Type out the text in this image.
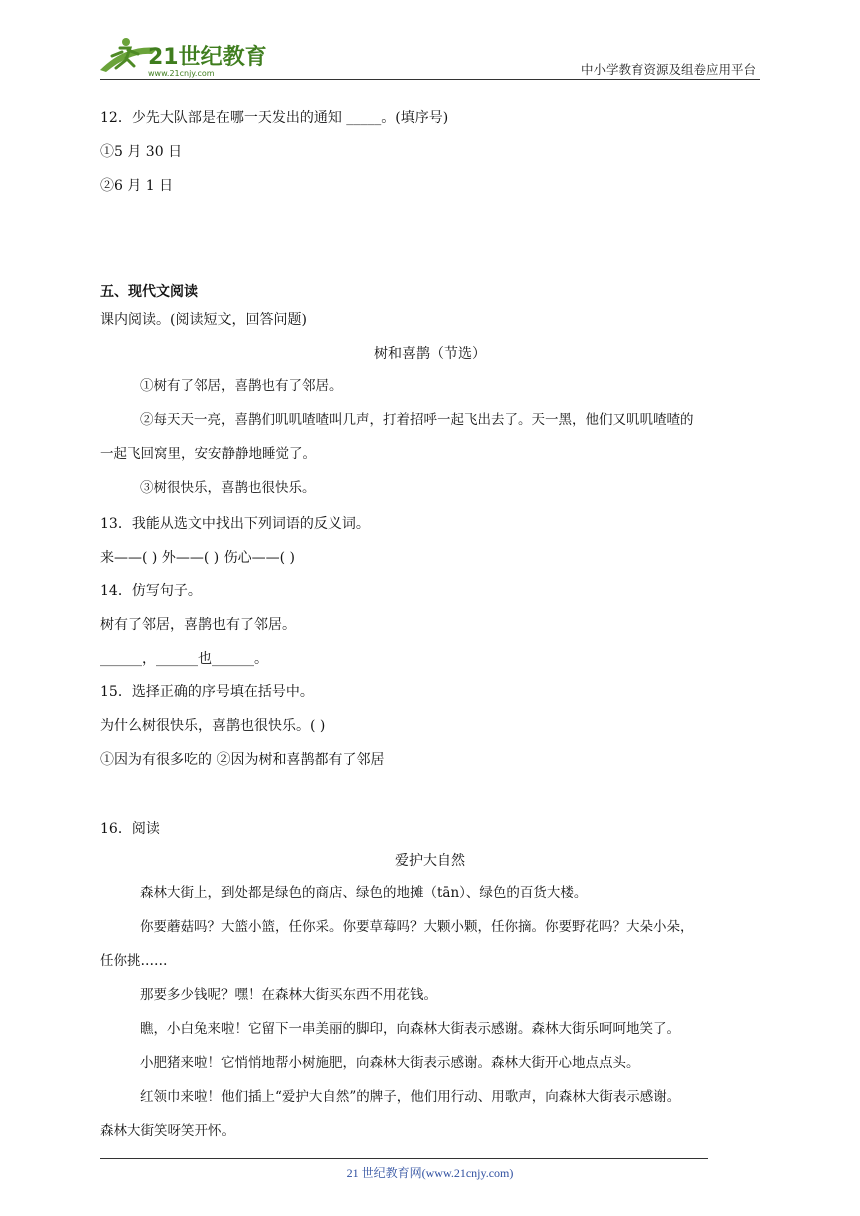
21世纪教育
www.21cnjy.com	中小学教育资源及组卷应用平台
12．少先大队部是在哪一天发出的通知 _____。(填序号)
①5 月 30 日
②6 月 1 日
五、现代文阅读
课内阅读。(阅读短文，回答问题)
树和喜鹊（节选）
①树有了邻居，喜鹊也有了邻居。
②每天天一亮，喜鹊们叽叽喳喳叫几声，打着招呼一起飞出去了。天一黑，他们又叽叽喳喳的
一起飞回窝里，安安静静地睡觉了。
③树很快乐，喜鹊也很快乐。
13．我能从选文中找出下列词语的反义词。
来——( ) 外——( ) 伤心——( )
14．仿写句子。
树有了邻居，喜鹊也有了邻居。
______，______也______。
15．选择正确的序号填在括号中。
为什么树很快乐，喜鹊也很快乐。( )
①因为有很多吃的 ②因为树和喜鹊都有了邻居
16．阅读
爱护大自然
森林大街上，到处都是绿色的商店、绿色的地摊（tān）、绿色的百货大楼。
你要蘑菇吗？大篮小篮，任你采。你要草莓吗？大颗小颗，任你摘。你要野花吗？大朵小朵，
任你挑……
那要多少钱呢？嘿！在森林大街买东西不用花钱。
瞧，小白兔来啦！它留下一串美丽的脚印，向森林大街表示感谢。森林大街乐呵呵地笑了。
小肥猪来啦！它悄悄地帮小树施肥，向森林大街表示感谢。森林大街开心地点点头。
红领巾来啦！他们插上“爱护大自然”的牌子，他们用行动、用歌声，向森林大街表示感谢。
森林大街笑呀笑开怀。
21 世纪教育网(www.21cnjy.com)
